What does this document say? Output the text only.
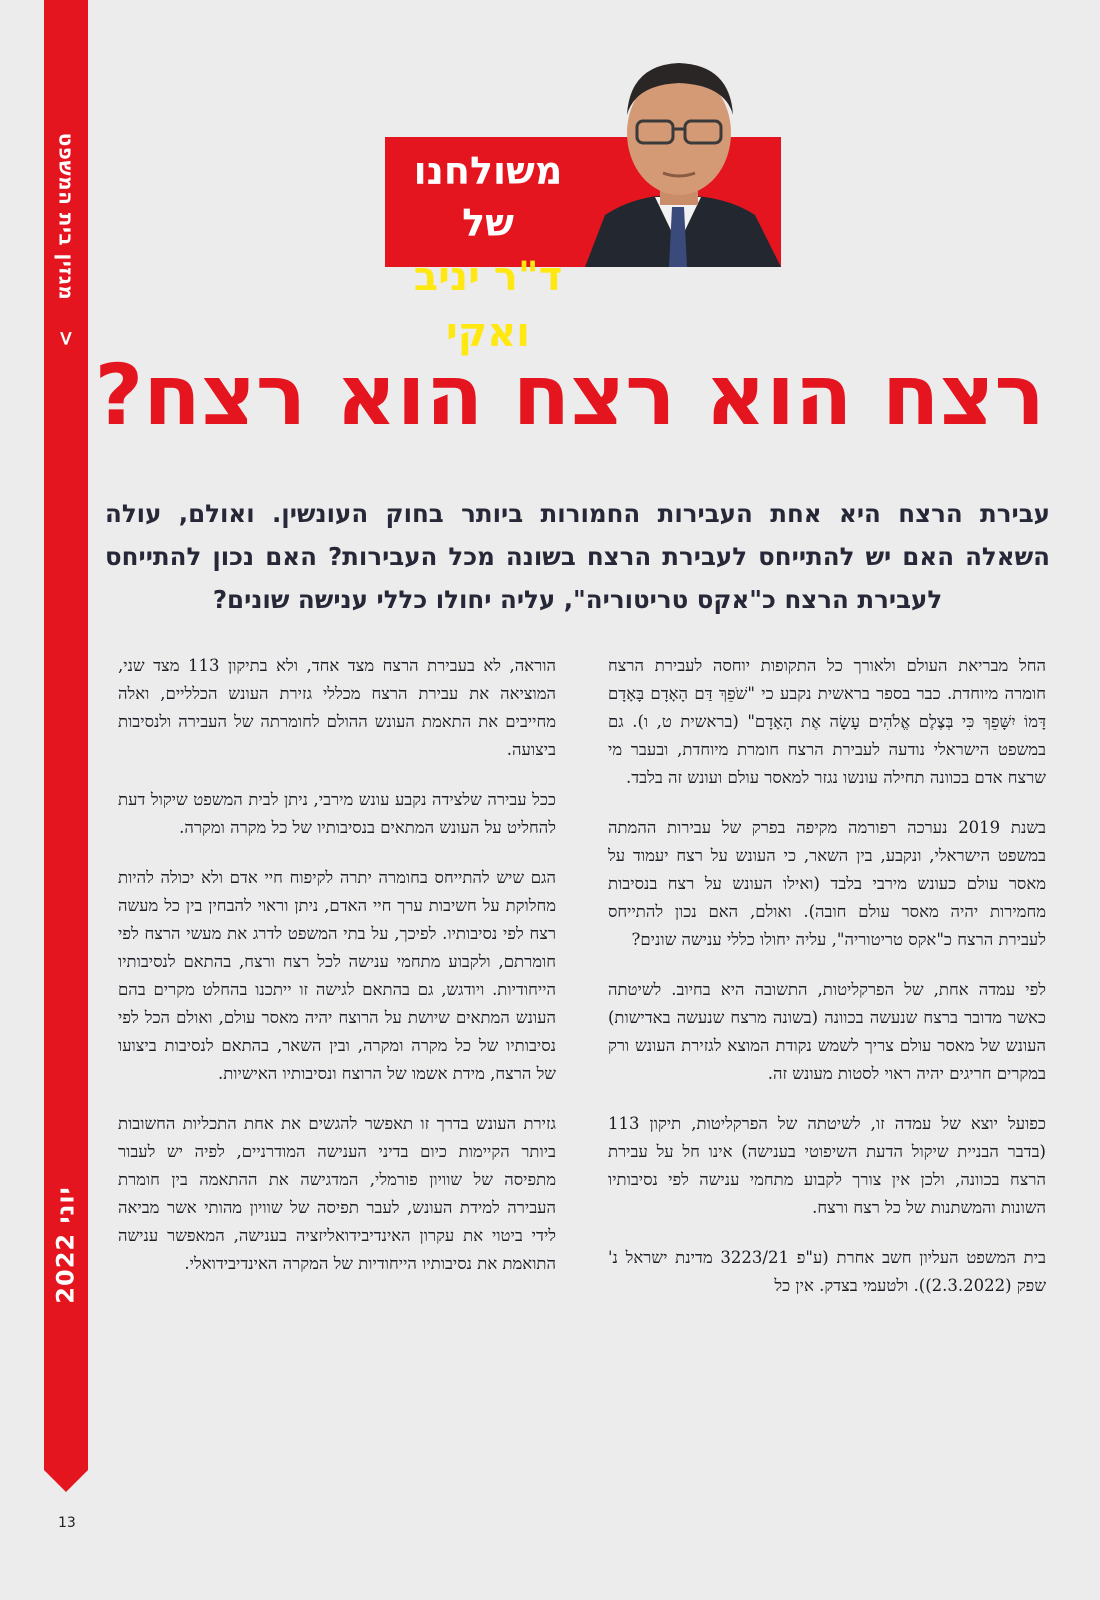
<    מגזין בית המשפט
יוני 2022
13
משולחנו של
ד"ר יניב ואקי
רצח הוא רצח הוא רצח?

עבירת הרצח היא אחת העבירות החמורות ביותר בחוק העונשין. ואולם, עולה השאלה האם יש להתייחס לעבירת הרצח בשונה מכל העבירות? האם נכון להתייחס לעבירת הרצח כ"אקס טריטוריה", עליה יחולו כללי ענישה שונים?

החל מבריאת העולם ולאורך כל התקופות יוחסה לעבירת הרצח חומרה מיוחדת. כבר בספר בראשית נקבע כי "שֹׁפֵךְ דַּם הָאָדָם בָּאָדָם דָּמוֹ יִשָּׁפֵךְ כִּי בְּצֶלֶם אֱלֹהִים עָשָׂה אֶת הָאָדָם" (בראשית ט, ו). גם במשפט הישראלי נודעה לעבירת הרצח חומרת מיוחדת, ובעבר מי שרצח אדם בכוונה תחילה עונשו נגזר למאסר עולם ועונש זה בלבד.

בשנת 2019 נערכה רפורמה מקיפה בפרק של עבירות ההמתה במשפט הישראלי, ונקבע, בין השאר, כי העונש על רצח יעמוד על מאסר עולם כעונש מירבי בלבד (ואילו העונש על רצח בנסיבות מחמירות יהיה מאסר עולם חובה). ואולם, האם נכון להתייחס לעבירת הרצח כ"אקס טריטוריה", עליה יחולו כללי ענישה שונים?

לפי עמדה אחת, של הפרקליטות, התשובה היא בחיוב. לשיטתה כאשר מדובר ברצח שנעשה בכוונה (בשונה מרצח שנעשה באדישות) העונש של מאסר עולם צריך לשמש נקודת המוצא לגזירת העונש ורק במקרים חריגים יהיה ראוי לסטות מעונש זה.

כפועל יוצא של עמדה זו, לשיטתה של הפרקליטות, תיקון 113 (בדבר הבניית שיקול הדעת השיפוטי בענישה) אינו חל על עבירת הרצח בכוונה, ולכן אין צורך לקבוע מתחמי ענישה לפי נסיבותיו השונות והמשתנות של כל רצח ורצח.

בית המשפט העליון חשב אחרת (ע"פ 3223/21 מדינת ישראל נ' שפק (2.3.2022)). ולטעמי בצדק. אין כל

הוראה, לא בעבירת הרצח מצד אחד, ולא בתיקון 113 מצד שני, המוציאה את עבירת הרצח מכללי גזירת העונש הכלליים, ואלה מחייבים את התאמת העונש ההולם לחומרתה של העבירה ולנסיבות ביצועה.

ככל עבירה שלצידה נקבע עונש מירבי, ניתן לבית המשפט שיקול דעת להחליט על העונש המתאים בנסיבותיו של כל מקרה ומקרה.

הגם שיש להתייחס בחומרה יתרה לקיפוח חיי אדם ולא יכולה להיות מחלוקת על חשיבות ערך חיי האדם, ניתן וראוי להבחין בין כל מעשה רצח לפי נסיבותיו. לפיכך, על בתי המשפט לדרג את מעשי הרצח לפי חומרתם, ולקבוע מתחמי ענישה לכל רצח ורצח, בהתאם לנסיבותיו הייחודיות. ויודגש, גם בהתאם לגישה זו ייתכנו בהחלט מקרים בהם העונש המתאים שיושת על הרוצח יהיה מאסר עולם, ואולם הכל לפי נסיבותיו של כל מקרה ומקרה, ובין השאר, בהתאם לנסיבות ביצועו של הרצח, מידת אשמו של הרוצח ונסיבותיו האישיות.

גזירת העונש בדרך זו תאפשר להגשים את אחת התכליות החשובות ביותר הקיימות כיום בדיני הענישה המודרניים, לפיה יש לעבור מתפיסה של שוויון פורמלי, המדגישה את ההתאמה בין חומרת העבירה למידת העונש, לעבר תפיסה של שוויון מהותי אשר מביאה לידי ביטוי את עקרון האינדיבידואליזציה בענישה, המאפשר ענישה התואמת את נסיבותיו הייחודיות של המקרה האינדיבידואלי.
